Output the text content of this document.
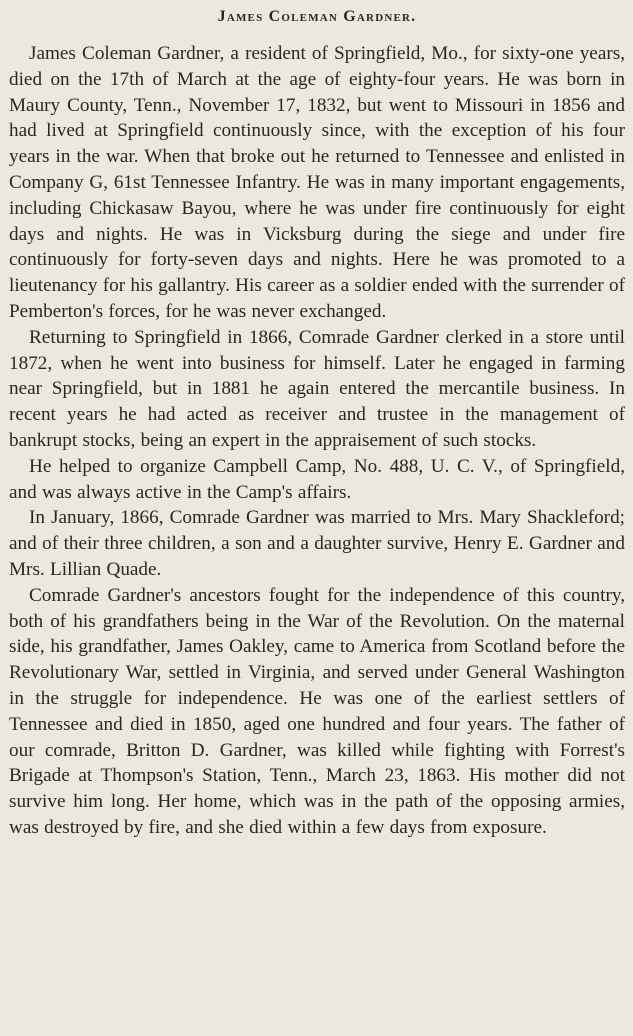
James Coleman Gardner.

James Coleman Gardner, a resident of Springfield, Mo., for sixty-one years, died on the 17th of March at the age of eighty-four years. He was born in Maury County, Tenn., November 17, 1832, but went to Missouri in 1856 and had lived at Springfield continuously since, with the exception of his four years in the war. When that broke out he returned to Tennessee and enlisted in Company G, 61st Tennessee Infantry. He was in many important engagements, including Chickasaw Bayou, where he was under fire continuously for eight days and nights. He was in Vicksburg during the siege and under fire continuously for forty-seven days and nights. Here he was promoted to a lieutenancy for his gallantry. His career as a soldier ended with the surrender of Pemberton's forces, for he was never exchanged.

Returning to Springfield in 1866, Comrade Gardner clerked in a store until 1872, when he went into business for himself. Later he engaged in farming near Springfield, but in 1881 he again entered the mercantile business. In recent years he had acted as receiver and trustee in the management of bankrupt stocks, being an expert in the appraisement of such stocks.

He helped to organize Campbell Camp, No. 488, U. C. V., of Springfield, and was always active in the Camp's affairs.

In January, 1866, Comrade Gardner was married to Mrs. Mary Shackleford; and of their three children, a son and a daughter survive, Henry E. Gardner and Mrs. Lillian Quade.

Comrade Gardner's ancestors fought for the independence of this country, both of his grandfathers being in the War of the Revolution. On the maternal side, his grandfather, James Oakley, came to America from Scotland before the Revolutionary War, settled in Virginia, and served under General Washington in the struggle for independence. He was one of the earliest settlers of Tennessee and died in 1850, aged one hundred and four years. The father of our comrade, Britton D. Gardner, was killed while fighting with Forrest's Brigade at Thompson's Station, Tenn., March 23, 1863. His mother did not survive him long. Her home, which was in the path of the opposing armies, was destroyed by fire, and she died within a few days from exposure.
